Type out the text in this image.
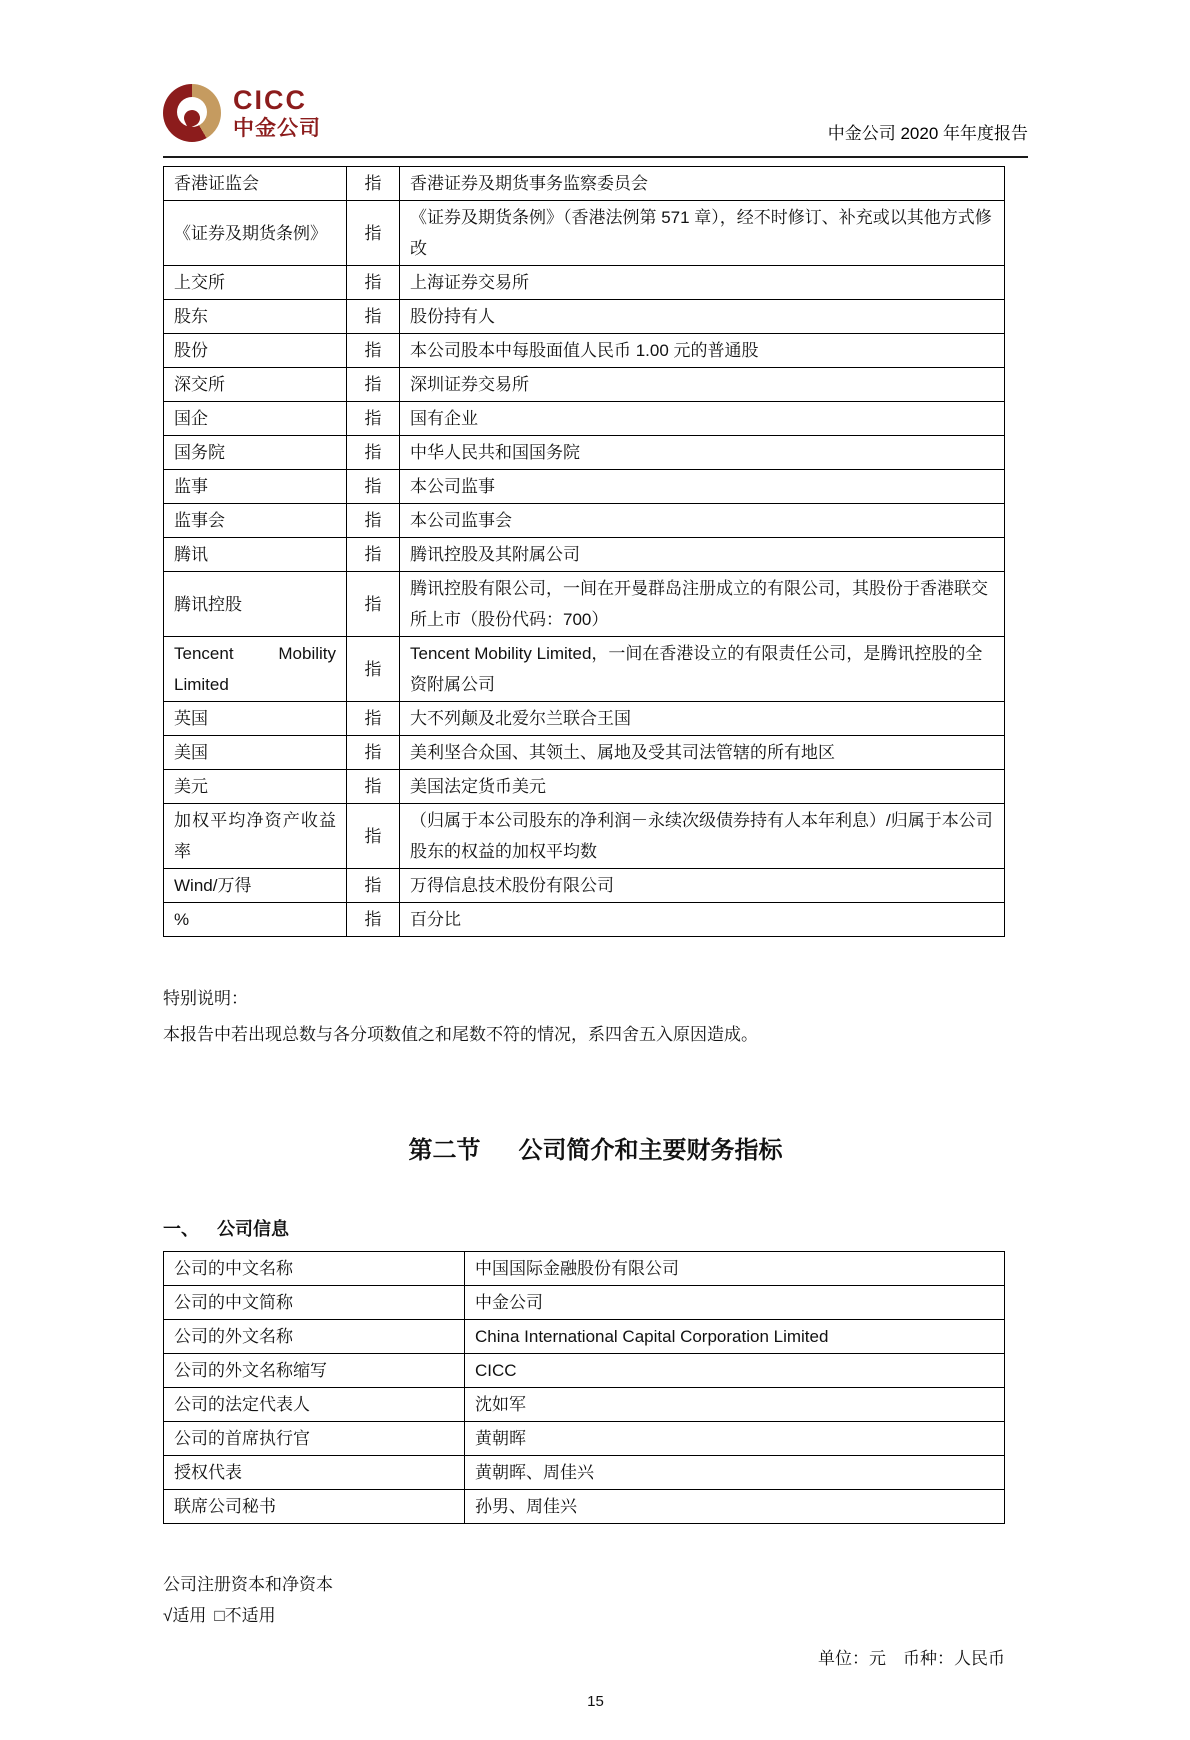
CICC
中金公司	中金公司 2020 年年度报告
香港证监会	指	香港证券及期货事务监察委员会
《证券及期货条例》	指	《证券及期货条例》（香港法例第 571 章），经不时修订、补充或以其他方式修改
上交所	指	上海证券交易所
股东	指	股份持有人
股份	指	本公司股本中每股面值人民币 1.00 元的普通股
深交所	指	深圳证券交易所
国企	指	国有企业
国务院	指	中华人民共和国国务院
监事	指	本公司监事
监事会	指	本公司监事会
腾讯	指	腾讯控股及其附属公司
腾讯控股	指	腾讯控股有限公司，一间在开曼群岛注册成立的有限公司，其股份于香港联交所上市（股份代码：700）
Tencent Mobility Limited	指	Tencent Mobility Limited，一间在香港设立的有限责任公司，是腾讯控股的全资附属公司
英国	指	大不列颠及北爱尔兰联合王国
美国	指	美利坚合众国、其领土、属地及受其司法管辖的所有地区
美元	指	美国法定货币美元
加权平均净资产收益率	指	（归属于本公司股东的净利润－永续次级债券持有人本年利息）/归属于本公司股东的权益的加权平均数
Wind/万得	指	万得信息技术股份有限公司
%	指	百分比
特别说明：
本报告中若出现总数与各分项数值之和尾数不符的情况，系四舍五入原因造成。
第二节 公司简介和主要财务指标
一、 公司信息
公司的中文名称	中国国际金融股份有限公司
公司的中文简称	中金公司
公司的外文名称	China International Capital Corporation Limited
公司的外文名称缩写	CICC
公司的法定代表人	沈如军
公司的首席执行官	黄朝晖
授权代表	黄朝晖、周佳兴
联席公司秘书	孙男、周佳兴
公司注册资本和净资本
√适用 □不适用
单位：元　币种：人民币
15
